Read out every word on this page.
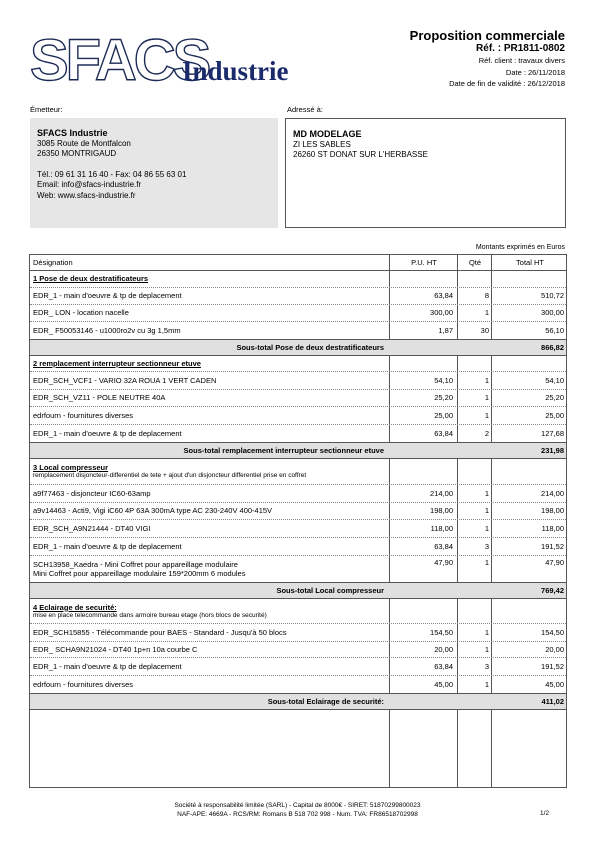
SFACS
Industrie
Proposition commerciale
Réf. : PR1811-0802
Réf. client : travaux divers
Date : 26/11/2018
Date de fin de validité : 26/12/2018
Émetteur:	Adressé à:
SFACS Industrie
3085 Route de Montfalcon
26350 MONTRIGAUD
Tél.: 09 61 31 16 40 - Fax: 04 86 55 63 01
Email: info@sfacs-industrie.fr
Web: www.sfacs-industrie.fr
MD MODELAGE
ZI LES SABLES
26260 ST DONAT SUR L'HERBASSE
Montants exprimés en Euros
Désignation	P.U. HT	Qté	Total HT
1 Pose de deux destratificateurs
EDR_1 - main d'oeuvre & tp de deplacement	63,84	8	510,72
EDR_ LON - location nacelle	300,00	1	300,00
EDR_ F50053146 - u1000ro2v cu 3g 1,5mm	1,87	30	56,10
Sous-total Pose de deux destratificateurs	866,82
2 remplacement interrupteur sectionneur etuve
EDR_SCH_VCF1 - VARIO 32A ROUA 1 VERT CADEN	54,10	1	54,10
EDR_SCH_VZ11 - POLE NEUTRE 40A	25,20	1	25,20
edrfourn - fournitures diverses	25,00	1	25,00
EDR_1 - main d'oeuvre & tp de deplacement	63,84	2	127,68
Sous-total remplacement interrupteur sectionneur etuve	231,98
3 Local compresseur
remplacement disjoncteur-differentiel de tete + ajout d'un disjoncteur differentiel prise en coffret
a9f77463 - disjoncteur IC60-63amp	214,00	1	214,00
a9v14463 - Acti9, Vigi iC60 4P 63A 300mA type AC 230-240V 400-415V	198,00	1	198,00
EDR_SCH_A9N21444 - DT40 VIGI	118,00	1	118,00
EDR_1 - main d'oeuvre & tp de deplacement	63,84	3	191,52
SCH13958_Kaedra - Mini Coffret pour appareillage modulaire
Mini Coffret pour appareillage modulaire 159*200mm 6 modules
47,90	1	47,90
Sous-total Local compresseur	769,42
4 Eclairage de securité:
mise en place telecommande dans armoire bureau etage (hors blocs de securité)
EDR_SCH15855 - Télécommande pour BAES - Standard - Jusqu'à 50 blocs	154,50	1	154,50
EDR_ SCHA9N21024 - DT40 1p+n 10a courbe C	20,00	1	20,00
EDR_1 - main d'oeuvre & tp de deplacement	63,84	3	191,52
edrfourn - fournitures diverses	45,00	1	45,00
Sous-total Eclairage de securité:	411,02
Société à responsabilité limitée (SARL) - Capital de 8000€ - SIRET: 51870299800023
NAF-APE: 4669A - RCS/RM: Romans B 518 702 998 - Num. TVA: FR86518702998	1/2
